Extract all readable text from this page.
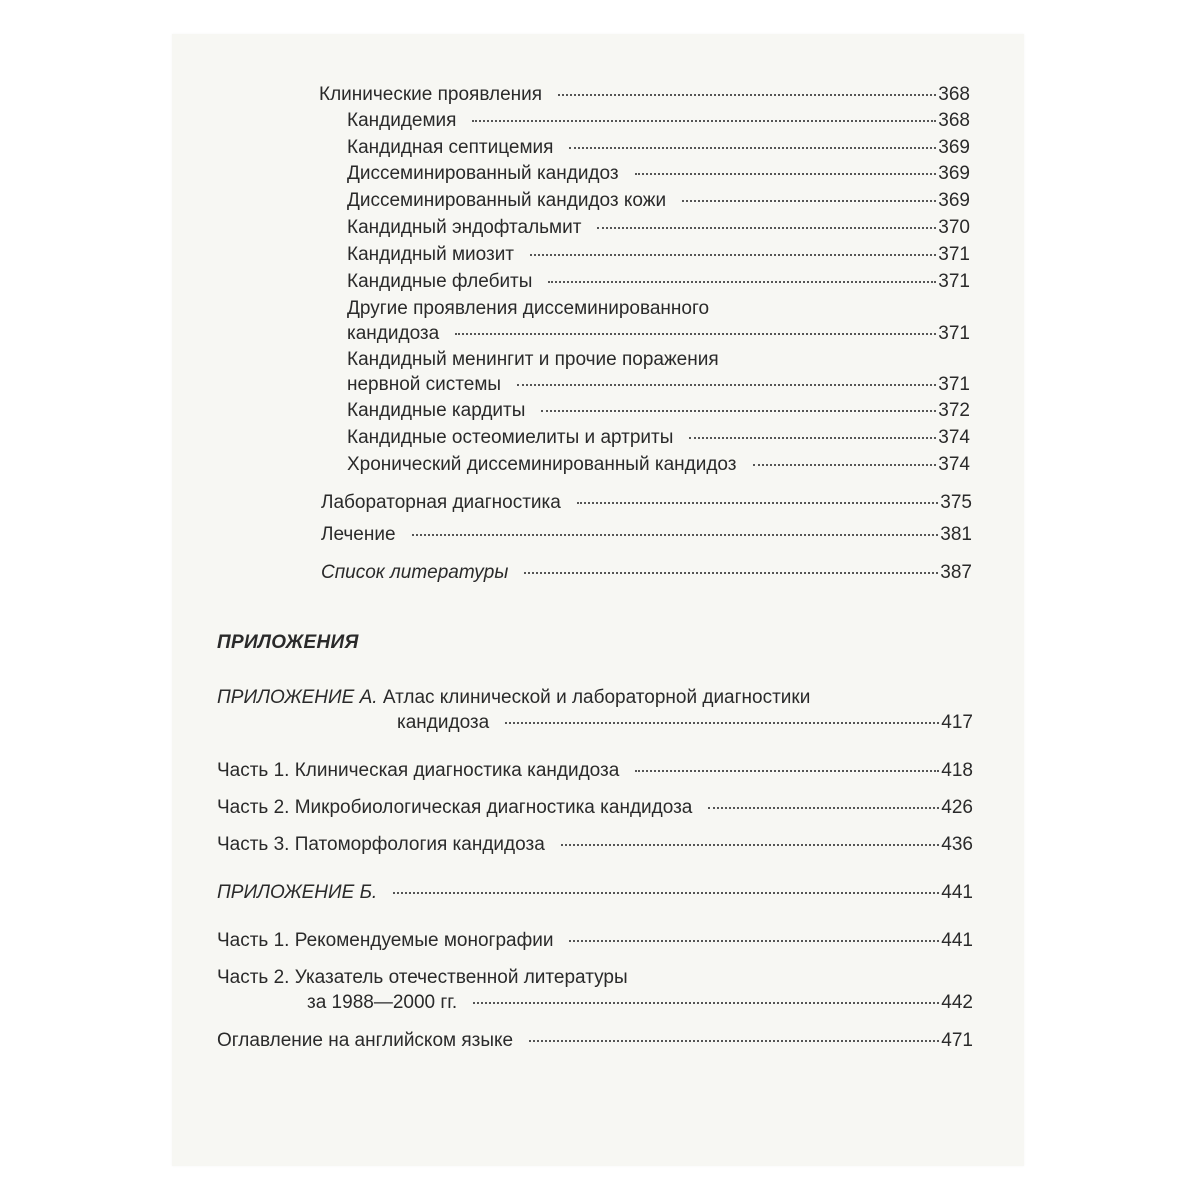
Клинические проявления	368
Кандидемия	368
Кандидная септицемия	369
Диссеминированный кандидоз	369
Диссеминированный кандидоз кожи	369
Кандидный эндофтальмит	370
Кандидный миозит	371
Кандидные флебиты	371
Другие проявления диссеминированного
кандидоза	371
Кандидный менингит и прочие поражения
нервной системы	371
Кандидные кардиты	372
Кандидные остеомиелиты и артриты	374
Хронический диссеминированный кандидоз	374
Лабораторная диагностика	375
Лечение	381
Список литературы	387
ПРИЛОЖЕНИЯ
ПРИЛОЖЕНИЕ А. Атлас клинической и лабораторной диагностики
кандидоза	417
Часть 1. Клиническая диагностика кандидоза	418
Часть 2. Микробиологическая диагностика кандидоза	426
Часть 3. Патоморфология кандидоза	436
ПРИЛОЖЕНИЕ Б.	441
Часть 1. Рекомендуемые монографии	441
Часть 2. Указатель отечественной литературы
за 1988—2000 гг.	442
Оглавление на английском языке	471
